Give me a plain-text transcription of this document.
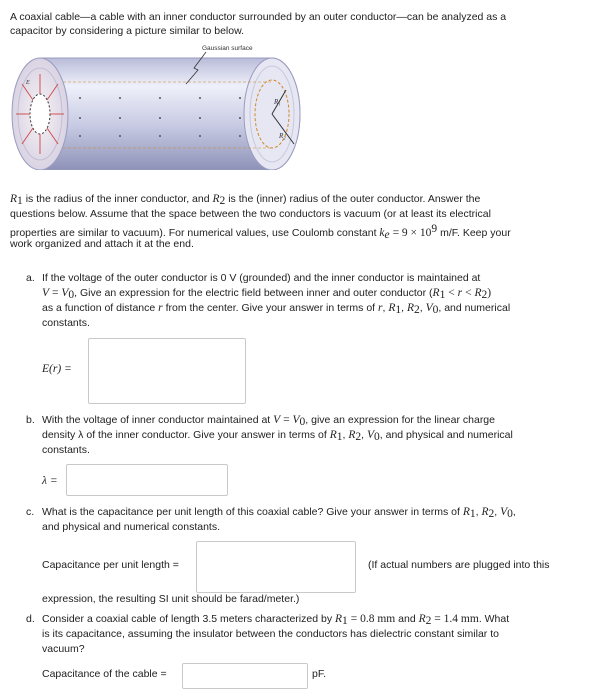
A coaxial cable—a cable with an inner conductor surrounded by an outer conductor—can be analyzed as a
capacitor by considering a picture similar to below.
R₁
R₂
E
Gaussian surface
$R_1$ is the radius of the inner conductor, and $R_2$ is the (inner) radius of the outer conductor. Answer the
questions below. Assume that the space between the two conductors is vacuum (or at least its electrical
properties are similar to vacuum). For numerical values, use Coulomb constant $k_e = 9 \times 10^9$ m/F. Keep your
work organized and attach it at the end.
a. If the voltage of the outer conductor is 0 V (grounded) and the inner conductor is maintained at
$V = V_0$, Give an expression for the electric field between inner and outer conductor $(R_1 < r < R_2)$
as a function of distance r from the center. Give your answer in terms of r, $R_1$, $R_2$, $V_0$, and numerical
constants.
E(r) =
b. With the voltage of inner conductor maintained at $V = V_0$, give an expression for the linear charge
density λ of the inner conductor. Give your answer in terms of $R_1$, $R_2$, $V_0$, and physical and numerical
constants.
λ =
c. What is the capacitance per unit length of this coaxial cable? Give your answer in terms of $R_1$, $R_2$, $V_0$,
and physical and numerical constants.
Capacitance per unit length =	(If actual numbers are plugged into this
expression, the resulting SI unit should be farad/meter.)
d. Consider a coaxial cable of length 3.5 meters characterized by $R_1 = 0.8$ mm and $R_2 = 1.4$ mm. What
is its capacitance, assuming the insulator between the conductors has dielectric constant similar to
vacuum?
Capacitance of the cable =	pF.
